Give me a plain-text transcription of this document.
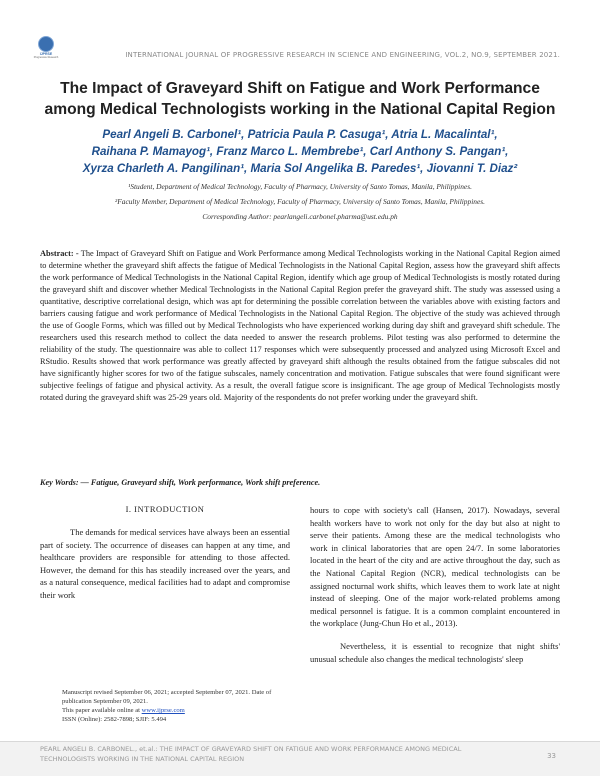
IJPRSE
Progressive Research	INTERNATIONAL JOURNAL OF PROGRESSIVE RESEARCH IN SCIENCE AND ENGINEERING, VOL.2, NO.9, SEPTEMBER 2021.
The Impact of Graveyard Shift on Fatigue and Work Performance among Medical Technologists working in the National Capital Region
Pearl Angeli B. Carbonel¹, Patricia Paula P. Casuga¹, Atria L. Macalintal¹,
Raihana P. Mamayog¹, Franz Marco L. Membrebe¹, Carl Anthony S. Pangan¹,
Xyrza Charleth A. Pangilinan¹, Maria Sol Angelika B. Paredes¹, Jiovanni T. Diaz²
¹Student, Department of Medical Technology, Faculty of Pharmacy, University of Santo Tomas, Manila, Philippines.
²Faculty Member, Department of Medical Technology, Faculty of Pharmacy, University of Santo Tomas, Manila, Philippines.
Corresponding Author: pearlangeli.carbonel.pharma@ust.edu.ph
Abstract: - The Impact of Graveyard Shift on Fatigue and Work Performance among Medical Technologists working in the National Capital Region aimed to determine whether the graveyard shift affects the fatigue of Medical Technologists in the National Capital Region, assess how the graveyard shift affects the work performance of Medical Technologists in the National Capital Region, identify which age group of Medical Technologists is mostly rotated during the graveyard shift and discover whether Medical Technologists in the National Capital Region prefer the graveyard shift. The study was assessed using a quantitative, descriptive correlational design, which was apt for determining the possible correlation between the variables above with existing factors and barriers causing fatigue and work performance of Medical Technologists in the National Capital Region. The objective of the study was achieved through the use of Google Forms, which was filled out by Medical Technologists who have experienced working during day shift and graveyard shift schedule. The researchers used this research method to collect the data needed to answer the research problems. Pilot testing was also performed to determine the reliability of the study. The questionnaire was able to collect 117 responses which were subsequently processed and analyzed using Microsoft Excel and RStudio. Results showed that work performance was greatly affected by graveyard shift although the results obtained from the fatigue subscales did not have significantly higher scores for two of the fatigue subscales, namely concentration and motivation. Fatigue subscales that were found significant were subjective feelings of fatigue and physical activity. As a result, the overall fatigue score is insignificant. The age group of Medical Technologists mostly rotated during the graveyard shift was 25-29 years old. Majority of the respondents do not prefer working under the graveyard shift.
Key Words: — Fatigue, Graveyard shift, Work performance, Work shift preference.
I. INTRODUCTION
The demands for medical services have always been an essential part of society. The occurrence of diseases can happen at any time, and healthcare providers are responsible for attending to those affected. However, the demand for this has steadily increased over the years, and as a natural consequence, medical facilities had to adapt and compromise their work

hours to cope with society's call (Hansen, 2017). Nowadays, several health workers have to work not only for the day but also at night to serve their patients. Among these are the medical technologists who work in clinical laboratories that are open 24/7. In some laboratories located in the heart of the city and are active throughout the day, such as the National Capital Region (NCR), medical technologists can be assigned nocturnal work shifts, which leaves them to work late at night instead of sleeping. One of the major work-related problems among medical personnel is fatigue. It is a common complaint encountered in the workplace (Jung-Chun Ho et al., 2013).

Nevertheless, it is essential to recognize that night shifts' unusual schedule also changes the medical technologists' sleep

Manuscript revised September 06, 2021; accepted September 07, 2021. Date of publication September 09, 2021.
This paper available online at www.ijprse.com
ISSN (Online): 2582-7898; SJIF: 5.494
PEARL ANGELI B. CARBONEL., et.al.: THE IMPACT OF GRAVEYARD SHIFT ON FATIGUE AND WORK PERFORMANCE AMONG MEDICAL TECHNOLOGISTS WORKING IN THE NATIONAL CAPITAL REGION	33
